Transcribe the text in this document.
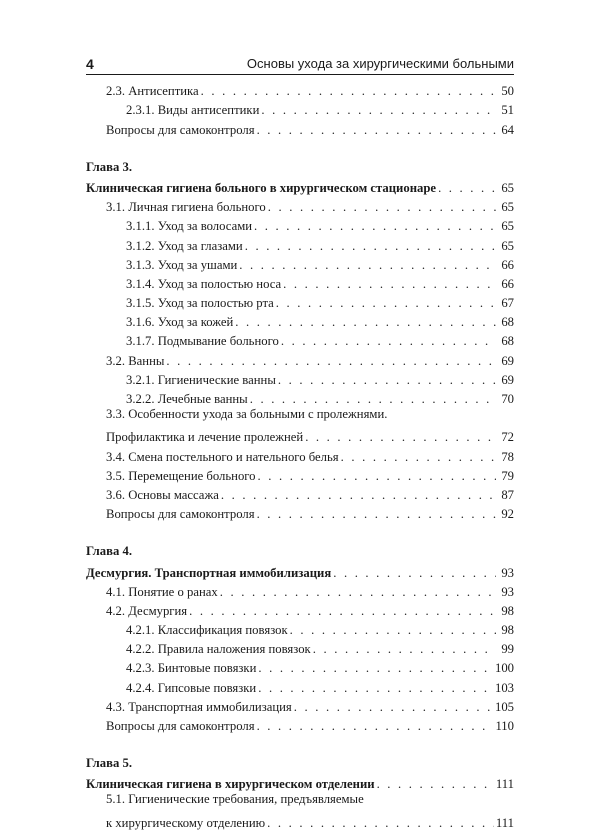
4	Основы ухода за хирургическими больными
2.3. Антисептика . . .	50
2.3.1. Виды антисептики . . .	51
Вопросы для самоконтроля . . .	64
Глава 3.
Клиническая гигиена больного в хирургическом стационаре . . .	65
3.1. Личная гигиена больного . . .	65
3.1.1. Уход за волосами . . .	65
3.1.2. Уход за глазами . . .	65
3.1.3. Уход за ушами . . .	66
3.1.4. Уход за полостью носа . . .	66
3.1.5. Уход за полостью рта . . .	67
3.1.6. Уход за кожей . . .	68
3.1.7. Подмывание больного . . .	68
3.2. Ванны . . .	69
3.2.1. Гигиенические ванны . . .	69
3.2.2. Лечебные ванны . . .	70
3.3. Особенности ухода за больными с пролежнями.
Профилактика и лечение пролежней . . .	72
3.4. Смена постельного и нательного белья . . .	78
3.5. Перемещение больного . . .	79
3.6. Основы массажа . . .	87
Вопросы для самоконтроля . . .	92
Глава 4.
Десмургия. Транспортная иммобилизация . . .	93
4.1. Понятие о ранах . . .	93
4.2. Десмургия . . .	98
4.2.1. Классификация повязок . . .	98
4.2.2. Правила наложения повязок . . .	99
4.2.3. Бинтовые повязки . . .	100
4.2.4. Гипсовые повязки . . .	103
4.3. Транспортная иммобилизация . . .	105
Вопросы для самоконтроля . . .	110
Глава 5.
Клиническая гигиена в хирургическом отделении . . .	111
5.1. Гигиенические требования, предъявляемые
к хирургическому отделению . . .	111
